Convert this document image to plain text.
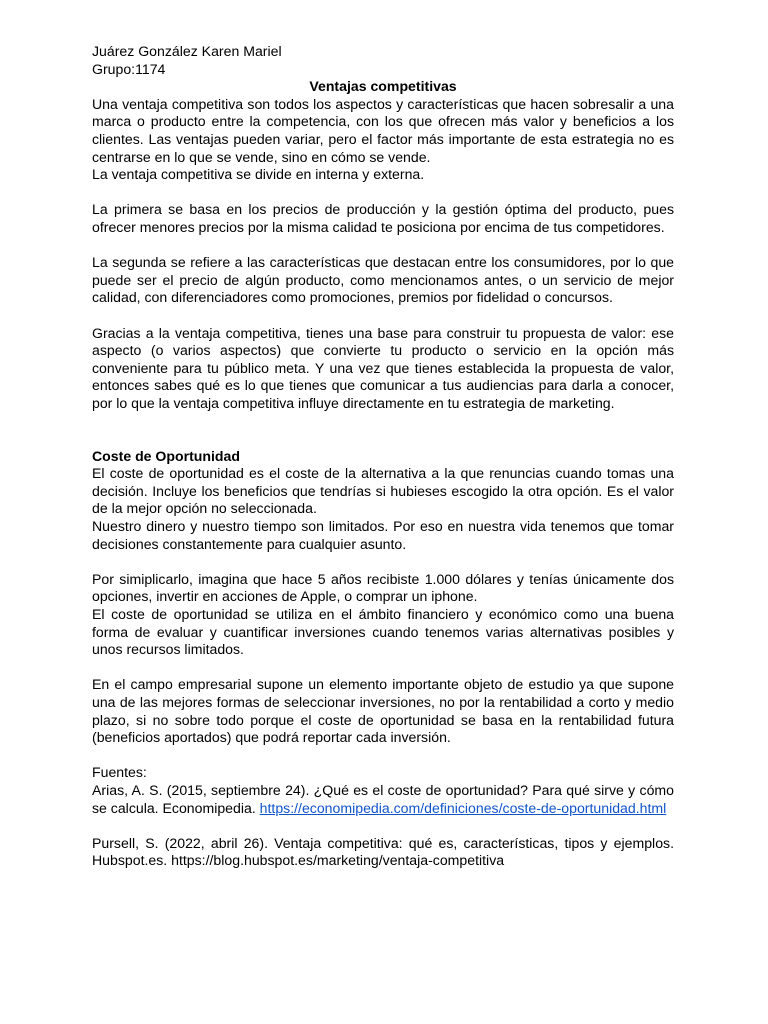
Juárez González Karen Mariel

Grupo:1174

Ventajas competitivas

Una ventaja competitiva son todos los aspectos y características que hacen sobresalir a una marca o producto entre la competencia, con los que ofrecen más valor y beneficios a los clientes. Las ventajas pueden variar, pero el factor más importante de esta estrategia no es centrarse en lo que se vende, sino en cómo se vende.

La ventaja competitiva se divide en interna y externa.

La primera se basa en los precios de producción y la gestión óptima del producto, pues ofrecer menores precios por la misma calidad te posiciona por encima de tus competidores.

La segunda se refiere a las características que destacan entre los consumidores, por lo que puede ser el precio de algún producto, como mencionamos antes, o un servicio de mejor calidad, con diferenciadores como promociones, premios por fidelidad o concursos.

Gracias a la ventaja competitiva, tienes una base para construir tu propuesta de valor: ese aspecto (o varios aspectos) que convierte tu producto o servicio en la opción más conveniente para tu público meta. Y una vez que tienes establecida la propuesta de valor, entonces sabes qué es lo que tienes que comunicar a tus audiencias para darla a conocer, por lo que la ventaja competitiva influye directamente en tu estrategia de marketing.

Coste de Oportunidad

El coste de oportunidad es el coste de la alternativa a la que renuncias cuando tomas una decisión. Incluye los beneficios que tendrías si hubieses escogido la otra opción. Es el valor de la mejor opción no seleccionada.

Nuestro dinero y nuestro tiempo son limitados. Por eso en nuestra vida tenemos que tomar decisiones constantemente para cualquier asunto.

Por simiplicarlo, imagina que hace 5 años recibiste 1.000 dólares y tenías únicamente dos opciones, invertir en acciones de Apple, o comprar un iphone.

El coste de oportunidad se utiliza en el ámbito financiero y económico como una buena forma de evaluar y cuantificar inversiones cuando tenemos varias alternativas posibles y unos recursos limitados.

En el campo empresarial supone un elemento importante objeto de estudio ya que supone una de las mejores formas de seleccionar inversiones, no por la rentabilidad a corto y medio plazo, si no sobre todo porque el coste de oportunidad se basa en la rentabilidad futura (beneficios aportados) que podrá reportar cada inversión.

Fuentes:

Arias, A. S. (2015, septiembre 24). ¿Qué es el coste de oportunidad? Para qué sirve y cómo se calcula. Economipedia. https://economipedia.com/definiciones/coste-de-oportunidad.html

Pursell, S. (2022, abril 26). Ventaja competitiva: qué es, características, tipos y ejemplos. Hubspot.es. https://blog.hubspot.es/marketing/ventaja-competitiva
